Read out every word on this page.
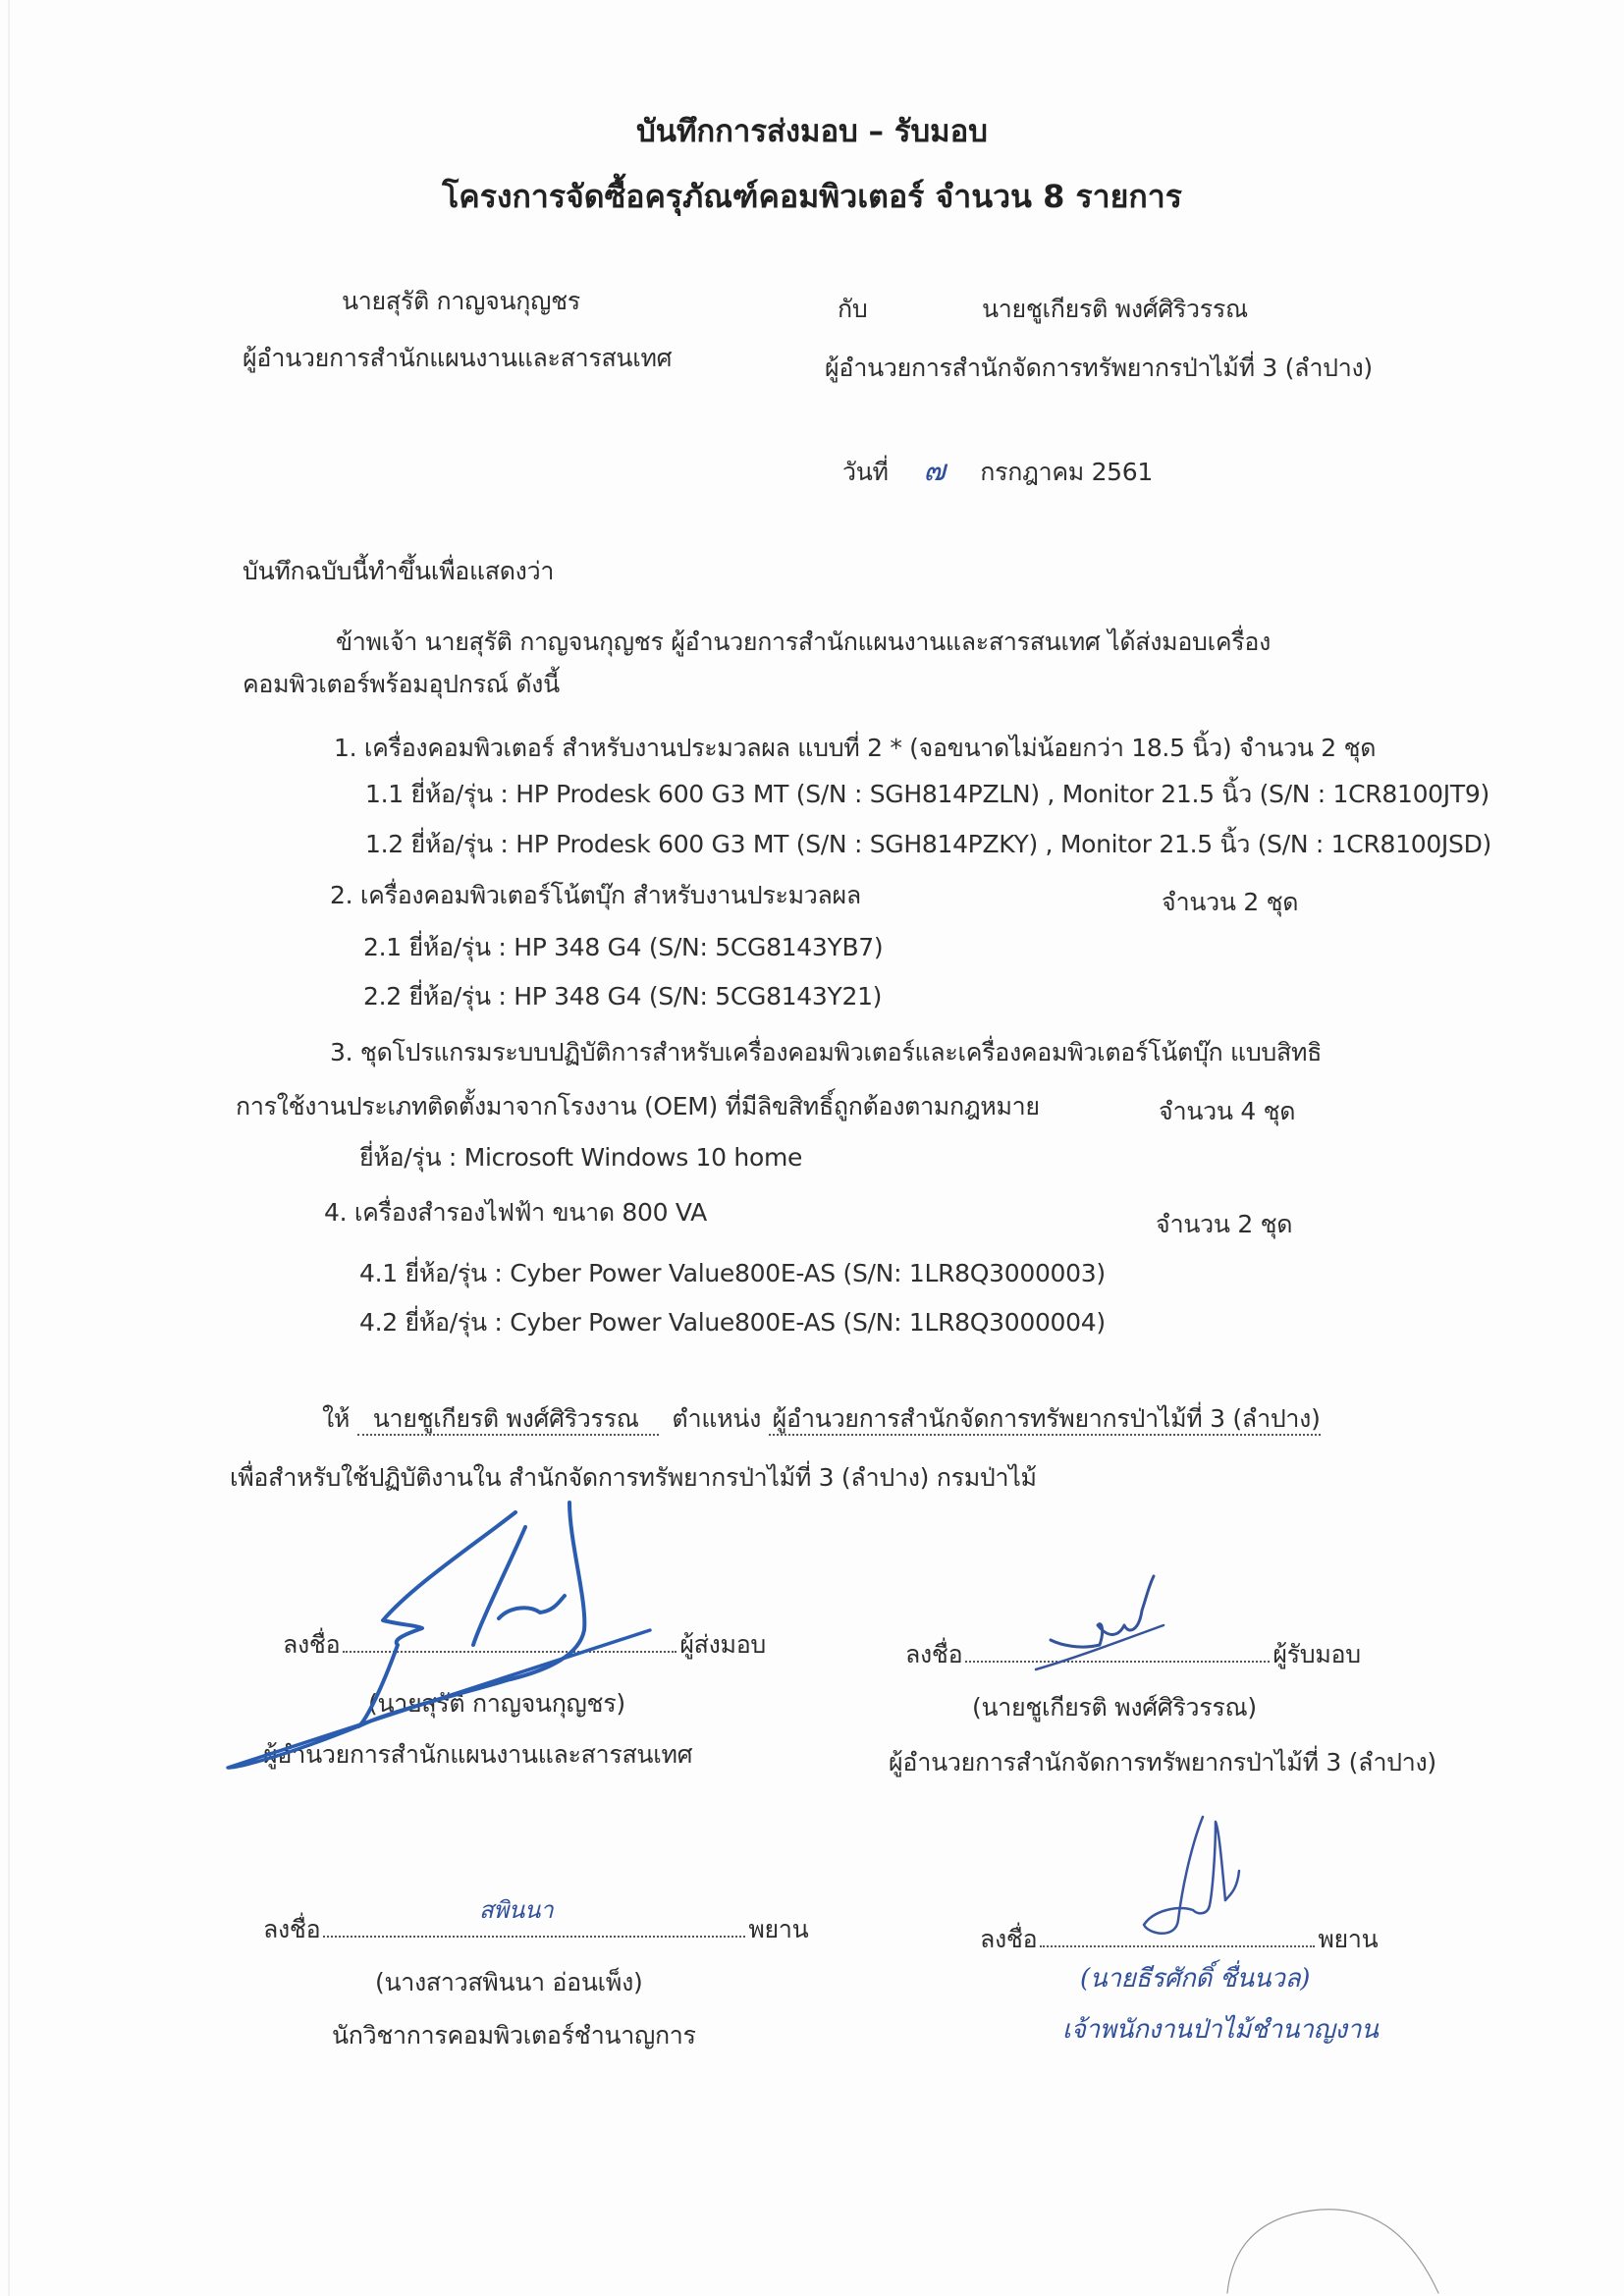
บันทึกการส่งมอบ – รับมอบ
โครงการจัดซื้อครุภัณฑ์คอมพิวเตอร์ จำนวน 8 รายการ
นายสุรัติ กาญจนกุญชร
ผู้อำนวยการสำนักแผนงานและสารสนเทศ
กับ	นายชูเกียรติ พงศ์ศิริวรรณ
ผู้อำนวยการสำนักจัดการทรัพยากรป่าไม้ที่ 3 (ลำปาง)
วันที่ ๗ กรกฎาคม 2561
บันทึกฉบับนี้ทำขึ้นเพื่อแสดงว่า
ข้าพเจ้า นายสุรัติ กาญจนกุญชร ผู้อำนวยการสำนักแผนงานและสารสนเทศ ได้ส่งมอบเครื่อง
คอมพิวเตอร์พร้อมอุปกรณ์ ดังนี้
1. เครื่องคอมพิวเตอร์ สำหรับงานประมวลผล แบบที่ 2 * (จอขนาดไม่น้อยกว่า 18.5 นิ้ว) จำนวน 2 ชุด
1.1 ยี่ห้อ/รุ่น : HP Prodesk 600 G3 MT (S/N : SGH814PZLN) , Monitor 21.5 นิ้ว (S/N : 1CR8100JT9)
1.2 ยี่ห้อ/รุ่น : HP Prodesk 600 G3 MT (S/N : SGH814PZKY) , Monitor 21.5 นิ้ว (S/N : 1CR8100JSD)
2. เครื่องคอมพิวเตอร์โน้ตบุ๊ก สำหรับงานประมวลผล	จำนวน 2 ชุด
2.1 ยี่ห้อ/รุ่น : HP 348 G4 (S/N: 5CG8143YB7)
2.2 ยี่ห้อ/รุ่น : HP 348 G4 (S/N: 5CG8143Y21)
3. ชุดโปรแกรมระบบปฏิบัติการสำหรับเครื่องคอมพิวเตอร์และเครื่องคอมพิวเตอร์โน้ตบุ๊ก แบบสิทธิ
การใช้งานประเภทติดตั้งมาจากโรงงาน (OEM) ที่มีลิขสิทธิ์ถูกต้องตามกฎหมาย	จำนวน 4 ชุด
ยี่ห้อ/รุ่น : Microsoft Windows 10 home
4. เครื่องสำรองไฟฟ้า ขนาด 800 VA	จำนวน 2 ชุด
4.1 ยี่ห้อ/รุ่น : Cyber Power Value800E-AS (S/N: 1LR8Q3000003)
4.2 ยี่ห้อ/รุ่น : Cyber Power Value800E-AS (S/N: 1LR8Q3000004)
ให้ นายชูเกียรติ พงศ์ศิริวรรณ ตำแหน่ง ผู้อำนวยการสำนักจัดการทรัพยากรป่าไม้ที่ 3 (ลำปาง)
เพื่อสำหรับใช้ปฏิบัติงานใน สำนักจัดการทรัพยากรป่าไม้ที่ 3 (ลำปาง) กรมป่าไม้
ลงชื่อ	ผู้ส่งมอบ
(นายสุรัติ กาญจนกุญชร)
ผู้อำนวยการสำนักแผนงานและสารสนเทศ
ลงชื่อ	ผู้รับมอบ
(นายชูเกียรติ พงศ์ศิริวรรณ)
ผู้อำนวยการสำนักจัดการทรัพยากรป่าไม้ที่ 3 (ลำปาง)
ลงชื่อ	พยาน
สพินนา
(นางสาวสพินนา อ่อนเพ็ง)
นักวิชาการคอมพิวเตอร์ชำนาญการ
ลงชื่อ	พยาน
(นายธีรศักดิ์ ชื่นนวล)
เจ้าพนักงานป่าไม้ชำนาญงาน
